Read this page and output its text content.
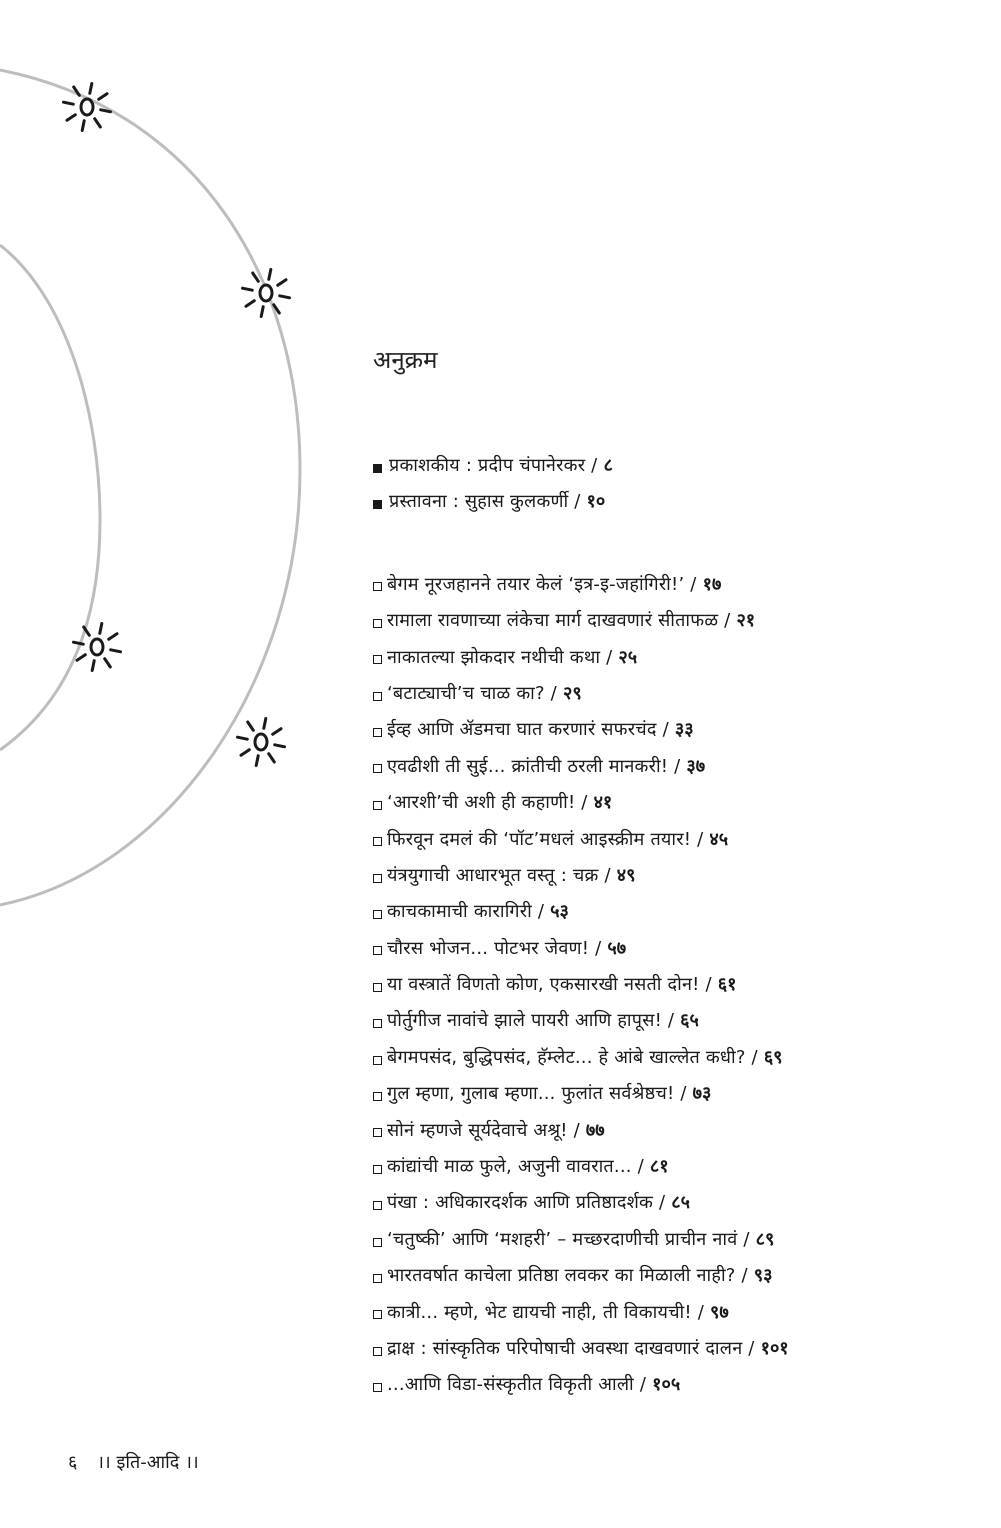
अनुक्रम
प्रकाशकीय : प्रदीप चंपानेरकर / ८
प्रस्तावना : सुहास कुलकर्णी / १०
बेगम नूरजहानने तयार केलं ‘इत्र-इ-जहांगिरी!’ / १७
रामाला रावणाच्या लंकेचा मार्ग दाखवणारं सीताफळ / २१
नाकातल्या झोकदार नथीची कथा / २५
‘बटाट्याची’च चाळ का? / २९
ईव्ह आणि ॲडमचा घात करणारं सफरचंद / ३३
एवढीशी ती सुई... क्रांतीची ठरली मानकरी! / ३७
‘आरशी’ची अशी ही कहाणी! / ४१
फिरवून दमलं की ‘पॉट’मधलं आइस्क्रीम तयार! / ४५
यंत्रयुगाची आधारभूत वस्तू : चक्र / ४९
काचकामाची कारागिरी / ५३
चौरस भोजन... पोटभर जेवण! / ५७
या वस्त्रातें विणतो कोण, एकसारखी नसती दोन! / ६१
पोर्तुगीज नावांचे झाले पायरी आणि हापूस! / ६५
बेगमपसंद, बुद्धिपसंद, हॅम्लेट... हे आंबे खाल्लेत कधी? / ६९
गुल म्हणा, गुलाब म्हणा... फुलांत सर्वश्रेष्ठच! / ७३
सोनं म्हणजे सूर्यदेवाचे अश्रू! / ७७
कांद्यांची माळ फुले, अजुनी वावरात... / ८१
पंखा : अधिकारदर्शक आणि प्रतिष्ठादर्शक / ८५
‘चतुष्की’ आणि ‘मशहरी’ – मच्छरदाणीची प्राचीन नावं / ८९
भारतवर्षात काचेला प्रतिष्ठा लवकर का मिळाली नाही? / ९३
कात्री... म्हणे, भेट द्यायची नाही, ती विकायची! / ९७
द्राक्ष : सांस्कृतिक परिपोषाची अवस्था दाखवणारं दालन / १०१
...आणि विडा-संस्कृतीत विकृती आली / १०५
६ ।। इति-आदि ।।
